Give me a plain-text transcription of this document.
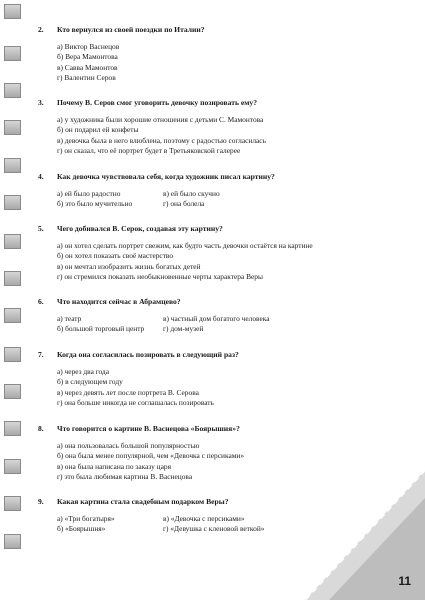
2. Кто вернулся из своей поездки по Италии?
а) Виктор Васнецов
б) Вера Мамонтова
в) Савва Мамонтов
г) Валентин Серов
3. Почему В. Серов смог уговорить девочку позировать ему?
а) у художника были хорошие отношения с детьми С. Мамонтова
б) он подарил ей конфеты
в) девочка была в него влюблена, поэтому с радостью согласилась
г) он сказал, что её портрет будет в Третьяковской галерее
4. Как девочка чувствовала себя, когда художник писал картину?
а) ей было радостно	в) ей было скучно
б) это было мучительно	г) она болела
5. Чего добивался В. Серок, создавая эту картину?
а) он хотел сделать портрет свежим, как будто часть девочки остаётся на картине
б) он хотел показать своё мастерство
в) он мечтал изобразить жизнь богатых детей
г) он стремился показать необыкновенные черты характера Веры
6. Что находится сейчас в Абрамцево?
а) театр	в) частный дом богатого человека
б) большой торговый центр	г) дом-музей
7. Когда она согласилась позировать в следующий раз?
а) через два года
б) в следующем году
в) через девять лет после портрета В. Серова
г) она больше никогда не соглашалась позировать
8. Что говорится о картине В. Васнецова «Боярышня»?
а) она пользовалась большой популярностью
б) она была менее популярной, чем «Девочка с персиками»
в) она была написана по заказу царя
г) это была любимая картина В. Васнецова
9. Какая картина стала свадебным подарком Веры?
а) «Три богатыря»	в) «Девочка с персиками»
б) «Боярышня»	г) «Девушка с кленовой веткой»
11
